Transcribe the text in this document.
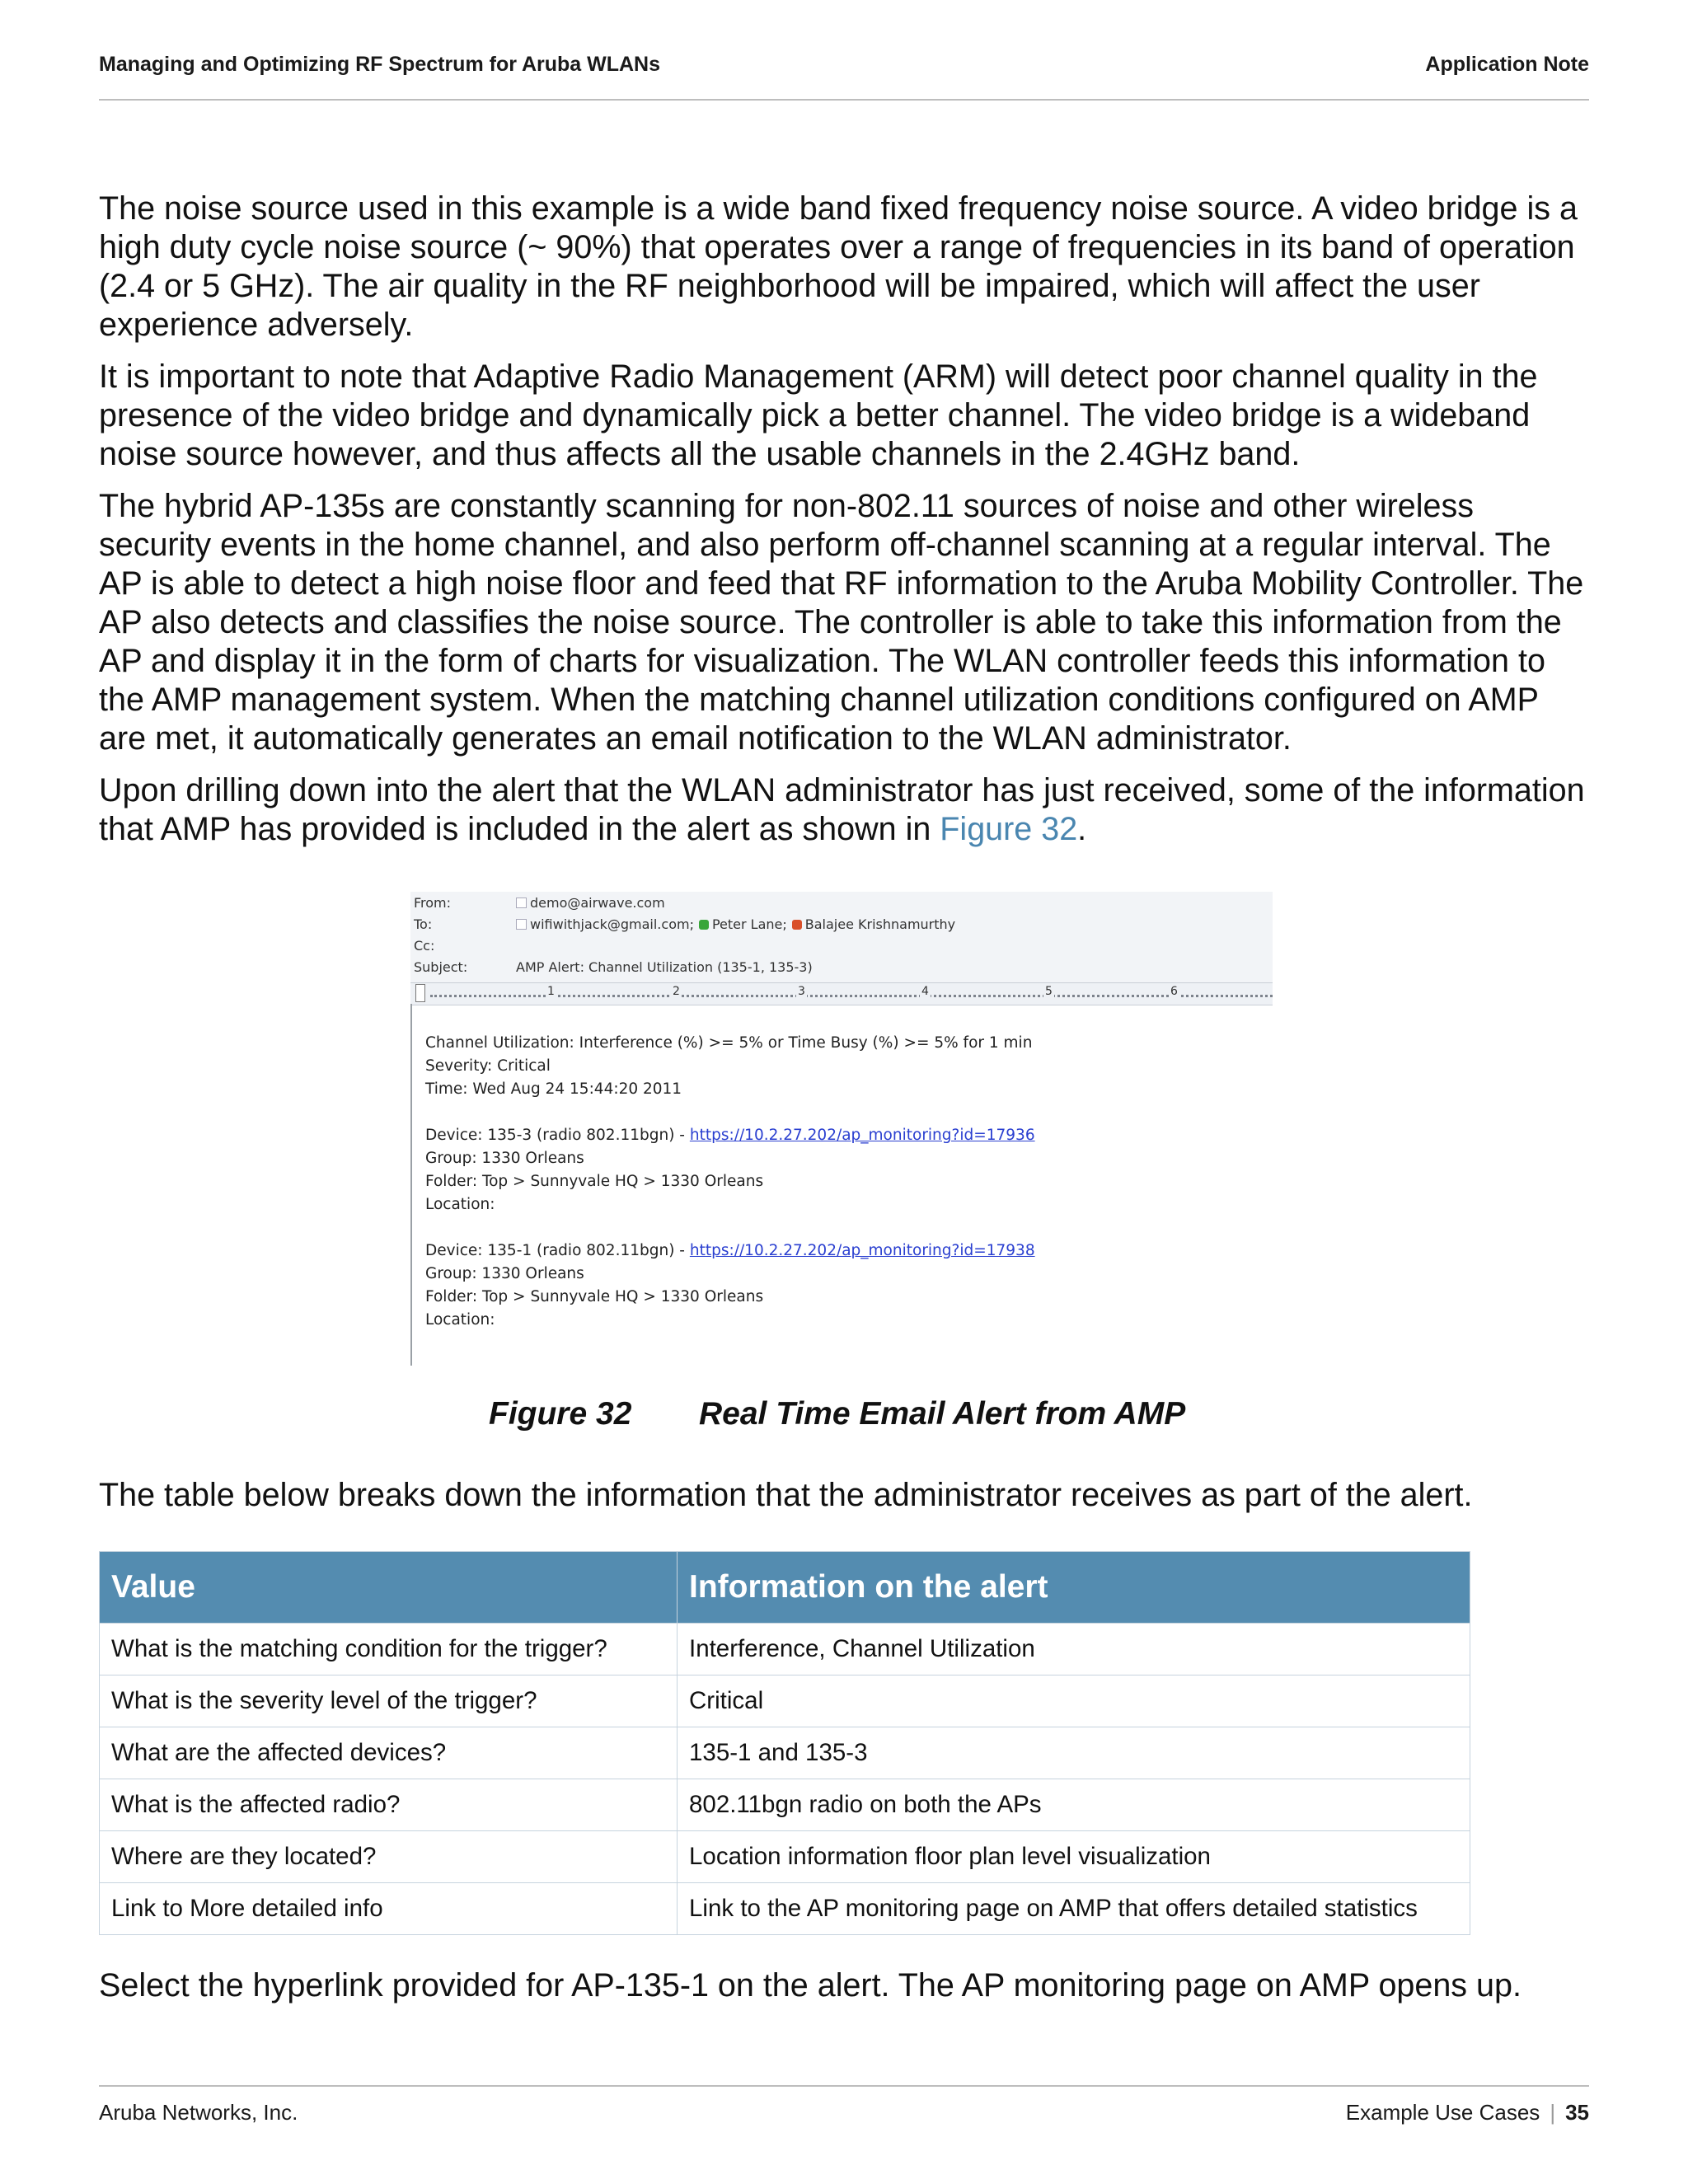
Managing and Optimizing RF Spectrum for Aruba WLANs	Application Note

The noise source used in this example is a wide band fixed frequency noise source. A video bridge is a high duty cycle noise source (~ 90%) that operates over a range of frequencies in its band of operation (2.4 or 5 GHz). The air quality in the RF neighborhood will be impaired, which will affect the user experience adversely.

It is important to note that Adaptive Radio Management (ARM) will detect poor channel quality in the presence of the video bridge and dynamically pick a better channel. The video bridge is a wideband noise source however, and thus affects all the usable channels in the 2.4GHz band.

The hybrid AP-135s are constantly scanning for non-802.11 sources of noise and other wireless security events in the home channel, and also perform off-channel scanning at a regular interval. The AP is able to detect a high noise floor and feed that RF information to the Aruba Mobility Controller. The AP also detects and classifies the noise source. The controller is able to take this information from the AP and display it in the form of charts for visualization. The WLAN controller feeds this information to the AMP management system. When the matching channel utilization conditions configured on AMP are met, it automatically generates an email notification to the WLAN administrator.

Upon drilling down into the alert that the WLAN administrator has just received, some of the information that AMP has provided is included in the alert as shown in Figure 32.

From:	demo@airwave.com
To:	wifiwithjack@gmail.com; Peter Lane; Balajee Krishnamurthy
Cc:
Subject:	AMP Alert: Channel Utilization (135-1, 135-3)
1	2	3	4	5	6
Channel Utilization: Interference (%) >= 5% or Time Busy (%) >= 5% for 1 min
Severity: Critical
Time: Wed Aug 24 15:44:20 2011
Device: 135-3 (radio 802.11bgn) - https://10.2.27.202/ap_monitoring?id=17936
Group: 1330 Orleans
Folder: Top > Sunnyvale HQ > 1330 Orleans
Location:
Device: 135-1 (radio 802.11bgn) - https://10.2.27.202/ap_monitoring?id=17938
Group: 1330 Orleans
Folder: Top > Sunnyvale HQ > 1330 Orleans
Location:
Figure 32 Real Time Email Alert from AMP

The table below breaks down the information that the administrator receives as part of the alert.

Value	Information on the alert
What is the matching condition for the trigger?	Interference, Channel Utilization
What is the severity level of the trigger?	Critical
What are the affected devices?	135-1 and 135-3
What is the affected radio?	802.11bgn radio on both the APs
Where are they located?	Location information floor plan level visualization
Link to More detailed info	Link to the AP monitoring page on AMP that offers detailed statistics

Select the hyperlink provided for AP-135-1 on the alert. The AP monitoring page on AMP opens up.

Aruba Networks, Inc.	Example Use Cases | 35
